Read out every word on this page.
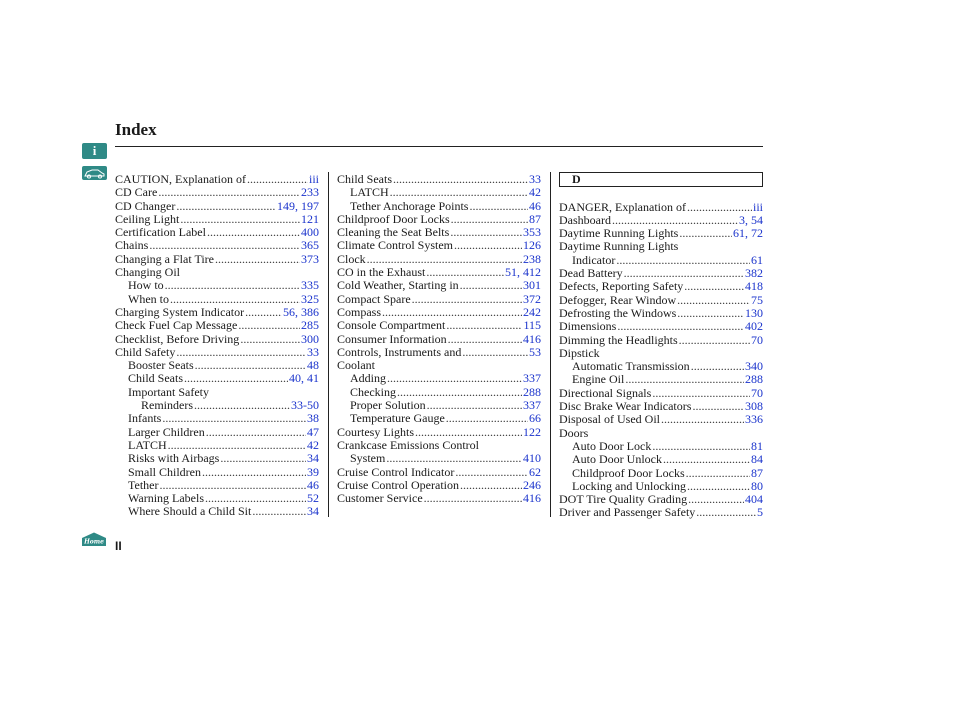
Index
i
Home II
CAUTION, Explanation of .....	iii
CD Care .....	233
CD Changer .....	149, 197
Ceiling Light .....	121
Certification Label .....	400
Chains .....	365
Changing a Flat Tire .....	373
Changing Oil
How to .....	335
When to .....	325
Charging System Indicator .....	56, 386
Check Fuel Cap Message .....	285
Checklist, Before Driving .....	300
Child Safety .....	33
Booster Seats .....	48
Child Seats .....	40, 41
Important Safety
Reminders .....	33-50
Infants .....	38
Larger Children .....	47
LATCH .....	42
Risks with Airbags .....	34
Small Children .....	39
Tether .....	46
Warning Labels .....	52
Where Should a Child Sit .....	34
Child Seats .....	33
LATCH .....	42
Tether Anchorage Points .....	46
Childproof Door Locks .....	87
Cleaning the Seat Belts .....	353
Climate Control System .....	126
Clock .....	238
CO in the Exhaust .....	51, 412
Cold Weather, Starting in .....	301
Compact Spare .....	372
Compass .....	242
Console Compartment .....	115
Consumer Information .....	416
Controls, Instruments and .....	53
Coolant
Adding .....	337
Checking .....	288
Proper Solution .....	337
Temperature Gauge .....	66
Courtesy Lights .....	122
Crankcase Emissions Control
System .....	410
Cruise Control Indicator .....	62
Cruise Control Operation .....	246
Customer Service .....	416
D
DANGER, Explanation of .....	iii
Dashboard .....	3, 54
Daytime Running Lights .....	61, 72
Daytime Running Lights
Indicator .....	61
Dead Battery .....	382
Defects, Reporting Safety .....	418
Defogger, Rear Window .....	75
Defrosting the Windows .....	130
Dimensions .....	402
Dimming the Headlights .....	70
Dipstick
Automatic Transmission .....	340
Engine Oil .....	288
Directional Signals .....	70
Disc Brake Wear Indicators .....	308
Disposal of Used Oil .....	336
Doors
Auto Door Lock .....	81
Auto Door Unlock .....	84
Childproof Door Locks .....	87
Locking and Unlocking .....	80
DOT Tire Quality Grading .....	404
Driver and Passenger Safety .....	5
